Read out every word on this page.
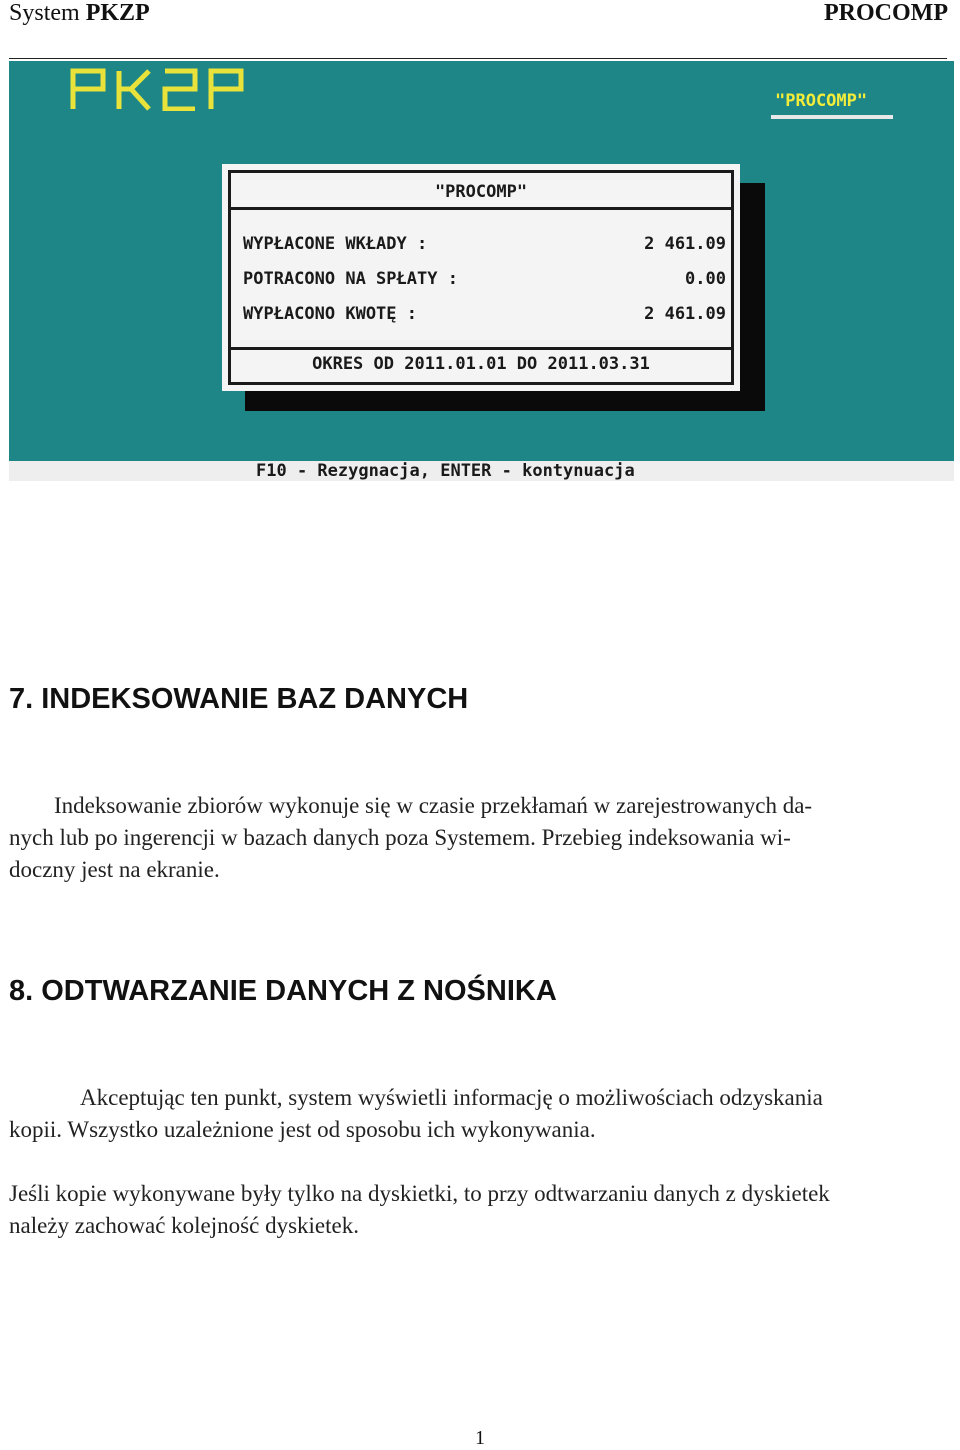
System PKZP	PROCOMP
"PROCOMP"
"PROCOMP"
WYPŁACONE WKŁADY :	2 461.09
POTRACONO NA SPŁATY :	0.00
WYPŁACONO KWOTĘ :	2 461.09
OKRES OD 2011.01.01 DO 2011.03.31
F10 - Rezygnacja, ENTER - kontynuacja
7. INDEKSOWANIE BAZ DANYCH
Indeksowanie zbiorów wykonuje się w czasie przekłamań w zarejestrowanych da-
nych lub po ingerencji w bazach danych poza Systemem. Przebieg indeksowania wi-
doczny jest na ekranie.
8. ODTWARZANIE DANYCH Z NOŚNIKA
Akceptując ten punkt, system wyświetli informację o możliwościach odzyskania
kopii. Wszystko uzależnione jest od sposobu ich wykonywania.
Jeśli kopie wykonywane były tylko na dyskietki, to przy odtwarzaniu danych z dyskietek
należy zachować kolejność dyskietek.
1
